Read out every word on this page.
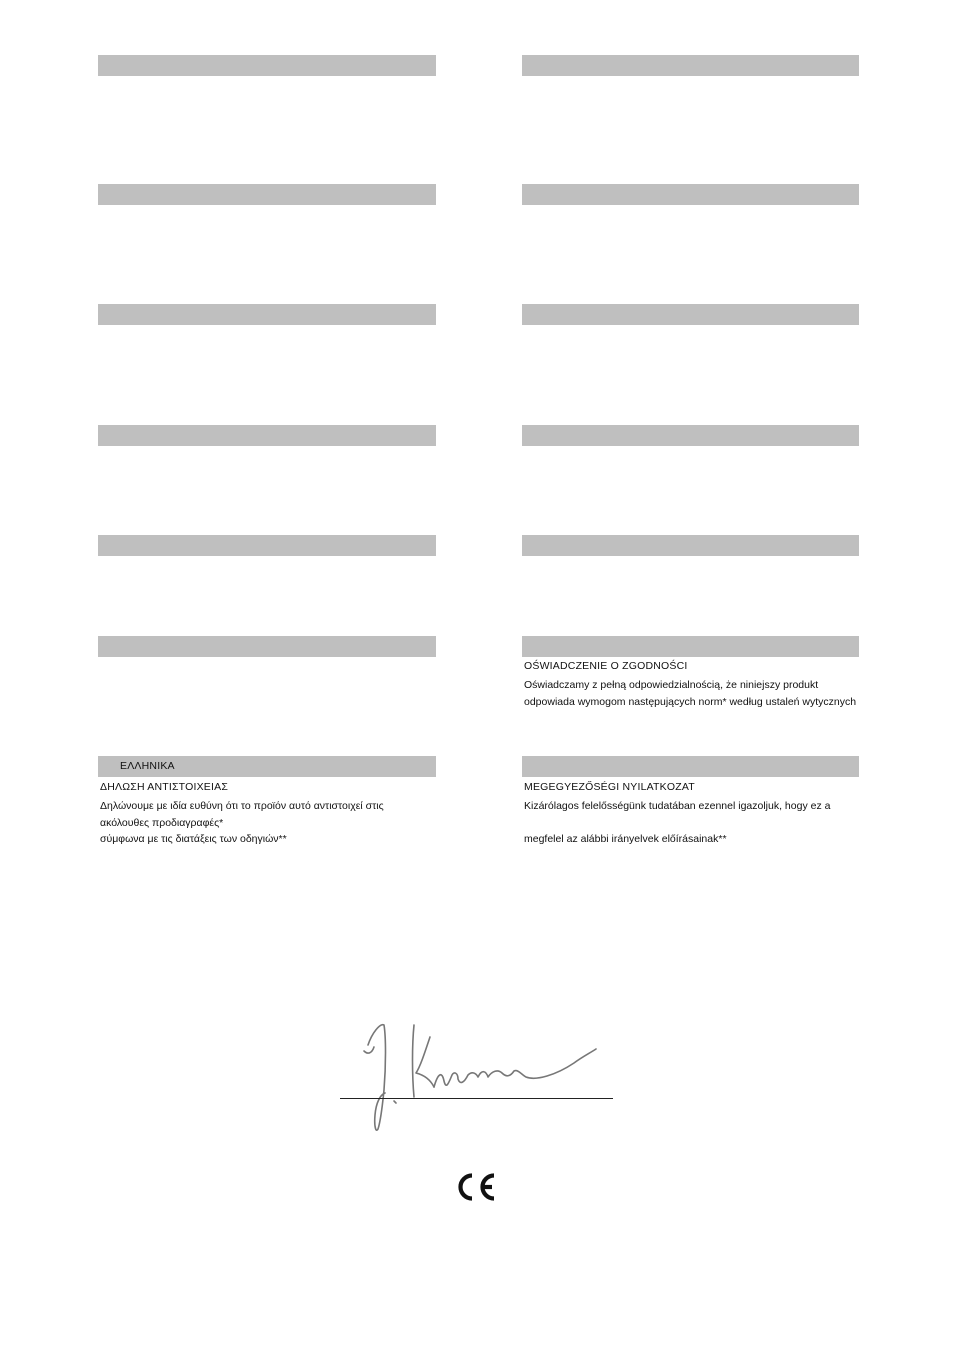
ΕΛΛΗΝΙΚΑ
OŚWIADCZENIE O ZGODNOŚCI
Oświadczamy z pełną odpowiedzialnością, że niniejszy produkt
odpowiada wymogom następujących norm* według ustaleń wytycznych
ΔΗΛΩΣΗ ΑΝΤΙΣΤΟΙΧΕΙΑΣ
Δηλώνουμε με ιδία ευθύνη ότι το προϊόν αυτό αντιστοιχεί στις
ακόλουθες προδιαγραφές*
σύμφωνα με τις διατάξεις των οδηγιών**
MEGEGYEZŐSÉGI NYILATKOZAT
Kizárólagos felelősségünk tudatában ezennel igazoljuk, hogy ez a
megfelel az alábbi irányelvek előírásainak**
